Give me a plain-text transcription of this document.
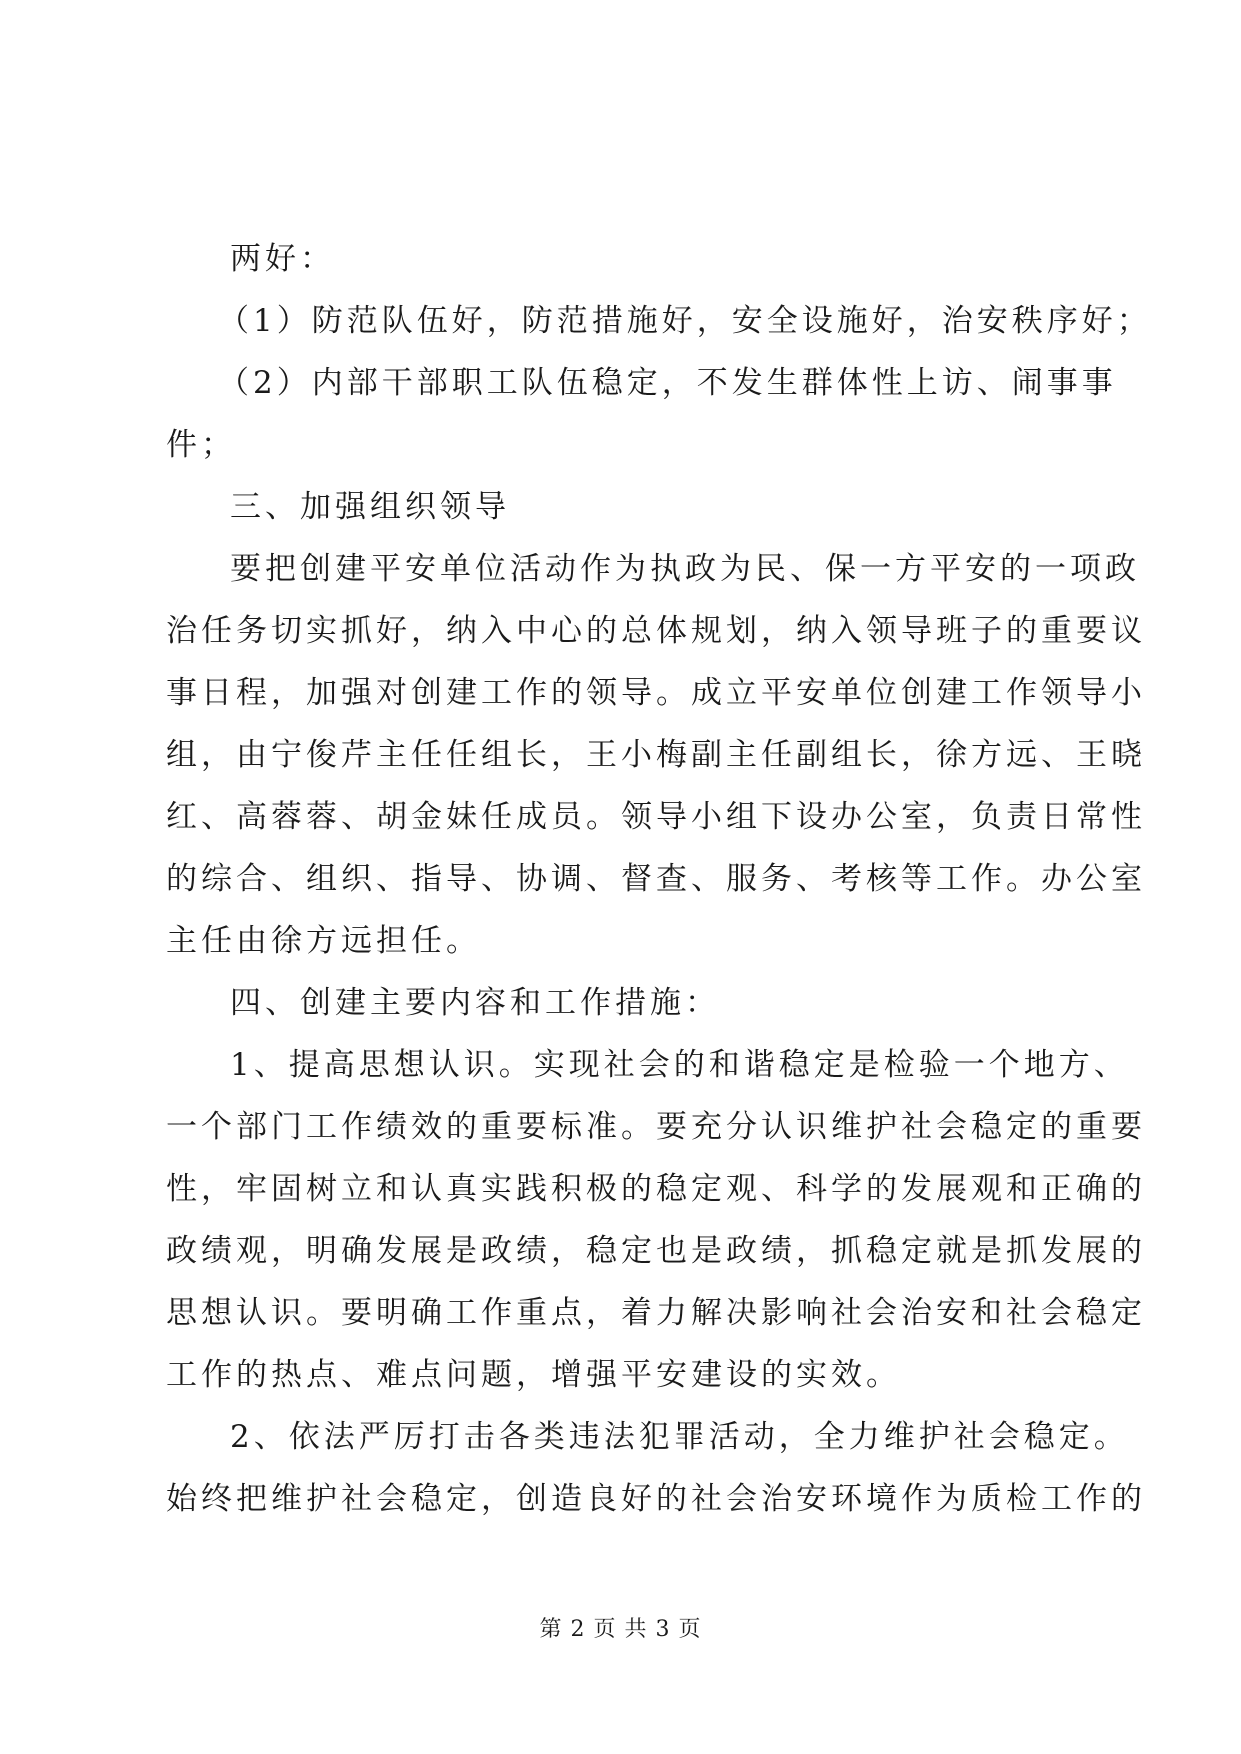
两好：
（1）防范队伍好，防范措施好，安全设施好，治安秩序好；
（2）内部干部职工队伍稳定，不发生群体性上访、闹事事
件；
三、加强组织领导
要把创建平安单位活动作为执政为民、保一方平安的一项政
治任务切实抓好，纳入中心的总体规划，纳入领导班子的重要议
事日程，加强对创建工作的领导。成立平安单位创建工作领导小
组，由宁俊芹主任任组长，王小梅副主任副组长，徐方远、王晓
红、高蓉蓉、胡金妹任成员。领导小组下设办公室，负责日常性
的综合、组织、指导、协调、督查、服务、考核等工作。办公室
主任由徐方远担任。
四、创建主要内容和工作措施：
1、提高思想认识。实现社会的和谐稳定是检验一个地方、
一个部门工作绩效的重要标准。要充分认识维护社会稳定的重要
性，牢固树立和认真实践积极的稳定观、科学的发展观和正确的
政绩观，明确发展是政绩，稳定也是政绩，抓稳定就是抓发展的
思想认识。要明确工作重点，着力解决影响社会治安和社会稳定
工作的热点、难点问题，增强平安建设的实效。
2、依法严厉打击各类违法犯罪活动，全力维护社会稳定。
始终把维护社会稳定，创造良好的社会治安环境作为质检工作的
第 2 页 共 3 页
